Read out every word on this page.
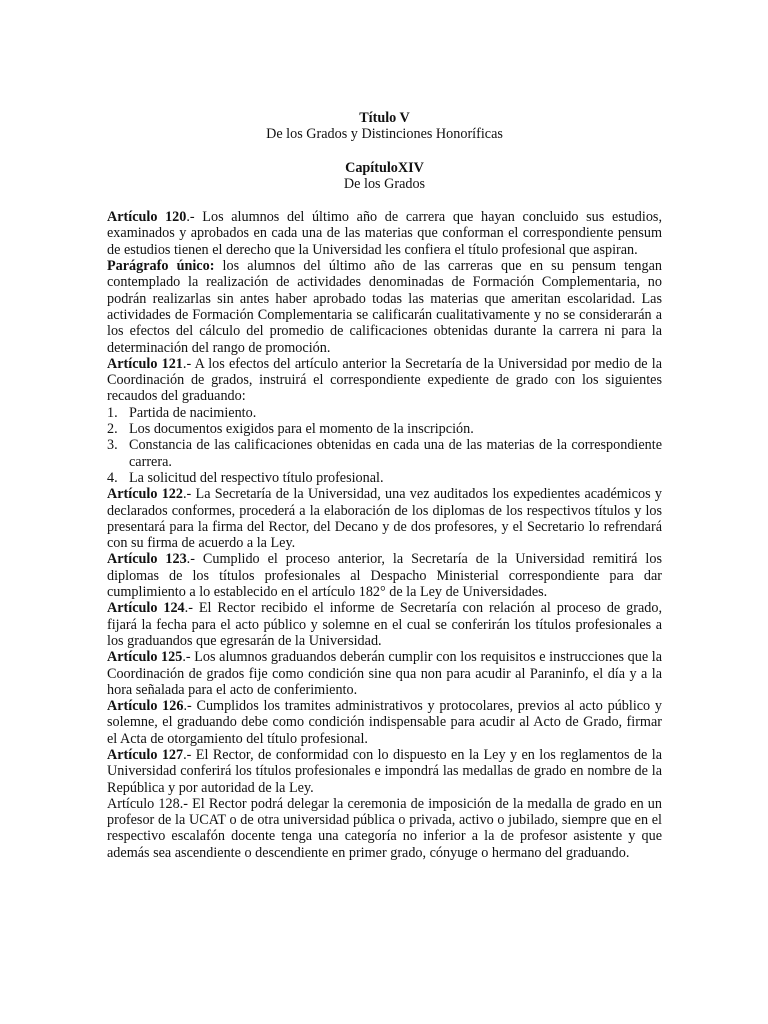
Título V

De los Grados y Distinciones Honoríficas

CapítuloXIV

De los Grados

Artículo 120.- Los alumnos del último año de carrera que hayan concluido sus estudios, examinados y aprobados en cada una de las materias que conforman el correspondiente pensum de estudios tienen el derecho que la Universidad les confiera el título profesional que aspiran.

Parágrafo único: los alumnos del último año de las carreras que en su pensum tengan contemplado la realización de actividades denominadas de Formación Complementaria, no podrán realizarlas sin antes haber aprobado todas las materias que ameritan escolaridad. Las actividades de Formación Complementaria se calificarán cualitativamente y no se considerarán a los efectos del cálculo del promedio de calificaciones obtenidas durante la carrera ni para la determinación del rango de promoción.

Artículo 121.- A los efectos del artículo anterior la Secretaría de la Universidad por medio de la Coordinación de grados, instruirá el correspondiente expediente de grado con los siguientes recaudos del graduando:

1. Partida de nacimiento.
2. Los documentos exigidos para el momento de la inscripción.
3. Constancia de las calificaciones obtenidas en cada una de las materias de la correspondiente carrera.
4. La solicitud del respectivo título profesional.

Artículo 122.- La Secretaría de la Universidad, una vez auditados los expedientes académicos y declarados conformes, procederá a la elaboración de los diplomas de los respectivos títulos y los presentará para la firma del Rector, del Decano y de dos profesores, y el Secretario lo refrendará con su firma de acuerdo a la Ley.

Artículo 123.- Cumplido el proceso anterior, la Secretaría de la Universidad remitirá los diplomas de los títulos profesionales al Despacho Ministerial correspondiente para dar cumplimiento a lo establecido en el artículo 182° de la Ley de Universidades.

Artículo 124.- El Rector recibido el informe de Secretaría con relación al proceso de grado, fijará la fecha para el acto público y solemne en el cual se conferirán los títulos profesionales a los graduandos que egresarán de la Universidad.

Artículo 125.- Los alumnos graduandos deberán cumplir con los requisitos e instrucciones que la Coordinación de grados fije como condición sine qua non para acudir al Paraninfo, el día y a la hora señalada para el acto de conferimiento.

Artículo 126.- Cumplidos los tramites administrativos y protocolares, previos al acto público y solemne, el graduando debe como condición indispensable para acudir al Acto de Grado, firmar el Acta de otorgamiento del título profesional.

Artículo 127.- El Rector, de conformidad con lo dispuesto en la Ley y en los reglamentos de la Universidad conferirá los títulos profesionales e impondrá las medallas de grado en nombre de la República y por autoridad de la Ley.

Artículo 128.- El Rector podrá delegar la ceremonia de imposición de la medalla de grado en un profesor de la UCAT o de otra universidad pública o privada, activo o jubilado, siempre que en el respectivo escalafón docente tenga una categoría no inferior a la de profesor asistente y que además sea ascendiente o descendiente en primer grado, cónyuge o hermano del graduando.
